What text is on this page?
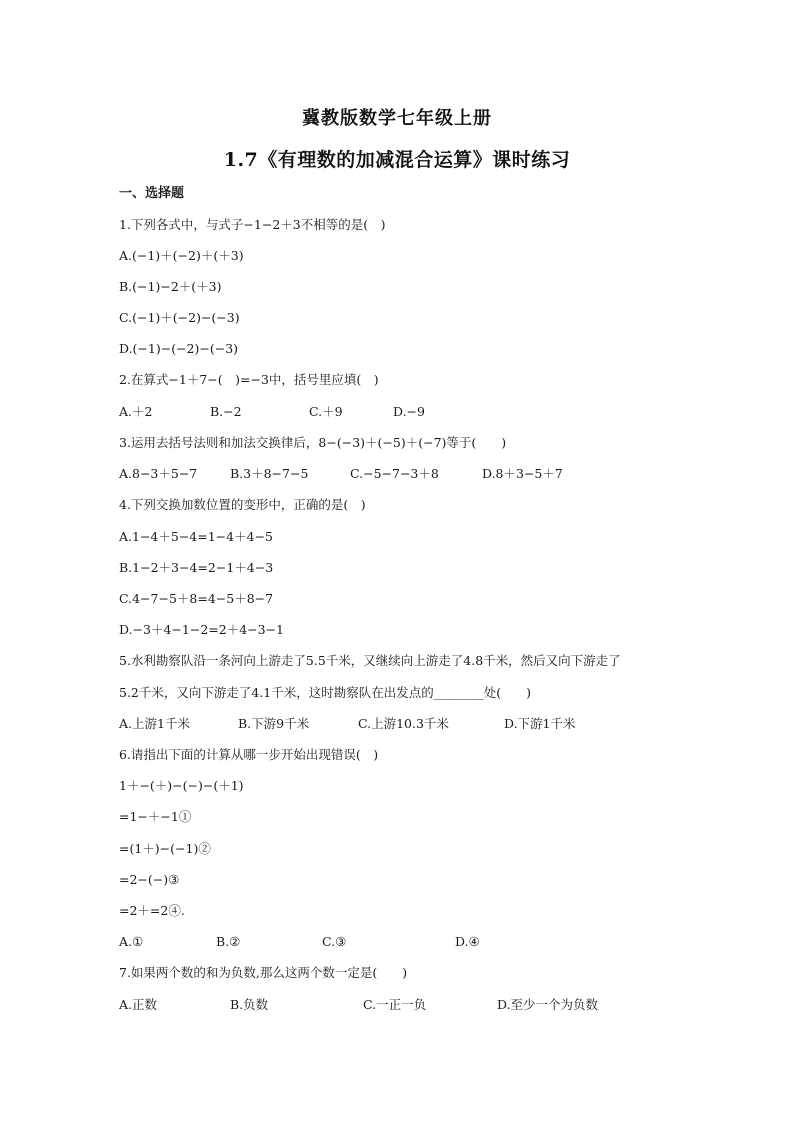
冀教版数学七年级上册
1.7《有理数的加减混合运算》课时练习
一、选择题
1.下列各式中，与式子−1−2＋3不相等的是(　)
A.(−1)＋(−2)＋(＋3)
B.(−1)−2＋(＋3)
C.(−1)＋(−2)−(−3)
D.(−1)−(−2)−(−3)
2.在算式−1＋7−(　)=−3中，括号里应填(　)
A.＋2	B.−2	C.＋9	D.−9
3.运用去括号法则和加法交换律后，8−(−3)＋(−5)＋(−7)等于(　　)
A.8−3＋5−7	B.3＋8−7−5	C.−5−7−3＋8	D.8＋3−5＋7
4.下列交换加数位置的变形中，正确的是(　)
A.1−4＋5−4=1−4＋4−5
B.1−2＋3−4=2−1＋4−3
C.4−7−5＋8=4−5＋8−7
D.−3＋4−1−2=2＋4−3−1
5.水利勘察队沿一条河向上游走了5.5千米，又继续向上游走了4.8千米，然后又向下游走了
5.2千米，又向下游走了4.1千米，这时勘察队在出发点的________处(　　)
A.上游1千米	B.下游9千米	C.上游10.3千米	D.下游1千米
6.请指出下面的计算从哪一步开始出现错误(　)
1＋−(＋)−(−)−(＋1)
=1−＋−1①
=(1＋)−(−1)②
=2−(−)③
=2＋=2④.
A.①	B.②	C.③	D.④
7.如果两个数的和为负数,那么这两个数一定是(　　)
A.正数	B.负数	C.一正一负	D.至少一个为负数
